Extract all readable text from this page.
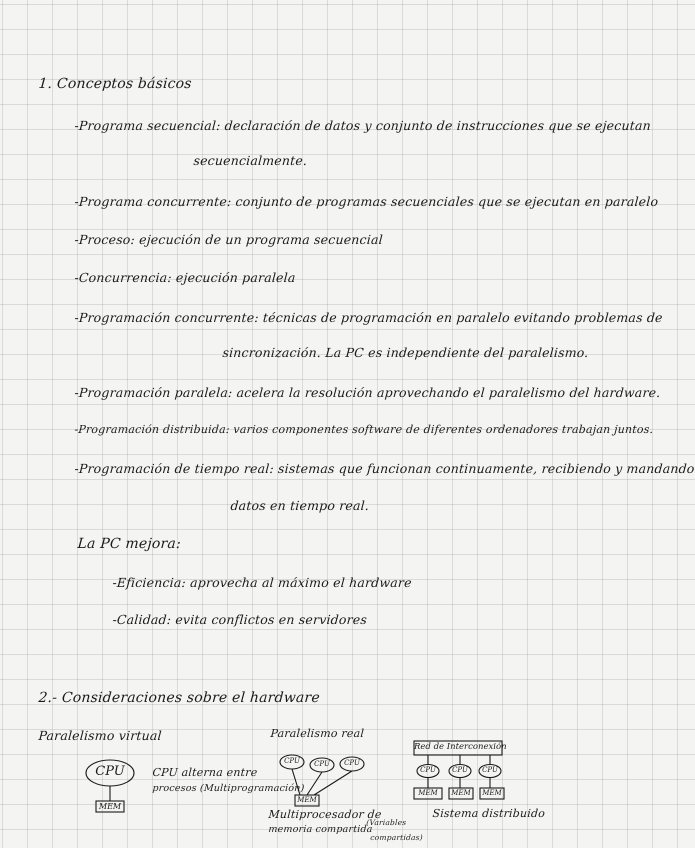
1. Conceptos básicos
-Programa secuencial: declaración de datos y conjunto de instrucciones que se ejecutan
secuencialmente.
-Programa concurrente: conjunto de programas secuenciales que se ejecutan en paralelo
-Proceso: ejecución de un programa secuencial
-Concurrencia: ejecución paralela
-Programación concurrente: técnicas de programación en paralelo evitando problemas de
sincronización. La PC es independiente del paralelismo.
-Programación paralela: acelera la resolución aprovechando el paralelismo del hardware.
-Programación distribuida: varios componentes software de diferentes ordenadores trabajan juntos.
-Programación de tiempo real: sistemas que funcionan continuamente, recibiendo y mandando
datos en tiempo real.
La PC mejora:
-Eficiencia: aprovecha al máximo el hardware
-Calidad: evita conflictos en servidores
2.- Consideraciones sobre el hardware
Paralelismo virtual
CPU
MEM
CPU alterna entre
procesos (Multiprogramación)
Paralelismo real
CPU	CPU	CPU
MEM
Multiprocesador de
memoria compartida
(Variables
compartidas)
Red de Interconexión
CPU	CPU	CPU
MEM	MEM	MEM
Sistema distribuido
